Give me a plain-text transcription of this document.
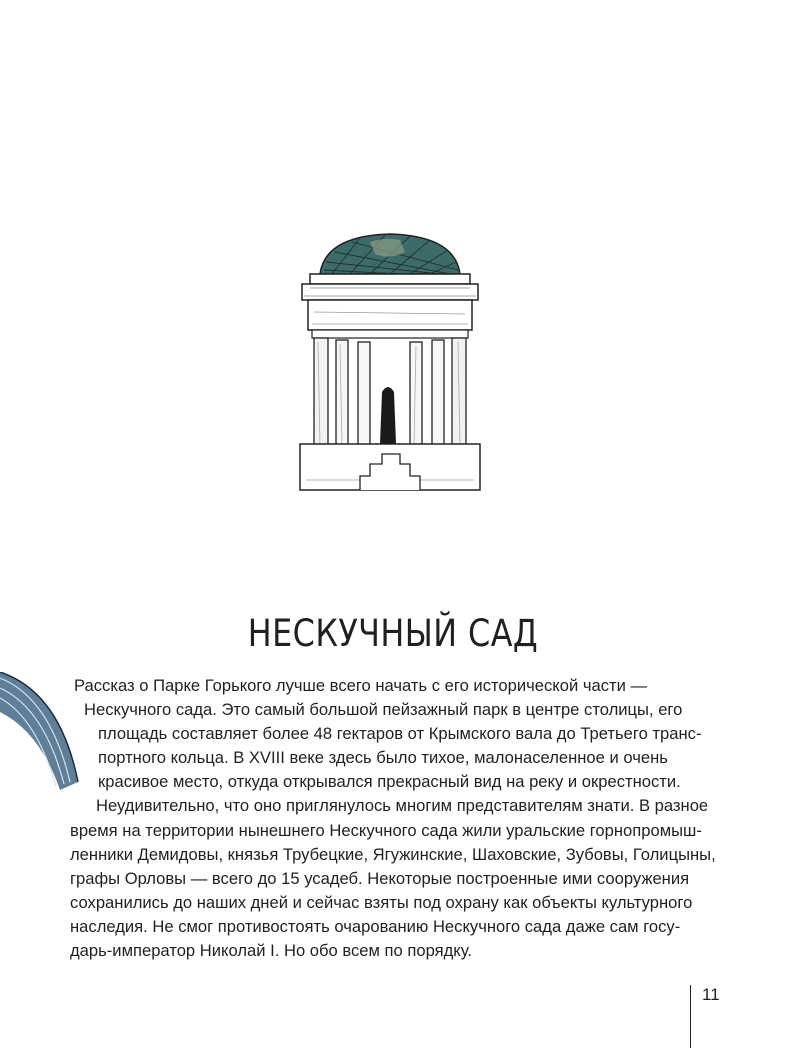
НЕСКУЧНЫЙ САД
Рассказ о Парке Горького лучше всего начать с его исторической части —
Нескучного сада. Это самый большой пейзажный парк в центре столицы, его
площадь составляет более 48 гектаров от Крымского вала до Третьего транс-
портного кольца. В XVIII веке здесь было тихое, малонаселенное и очень
красивое место, откуда открывался прекрасный вид на реку и окрестности.
Неудивительно, что оно приглянулось многим представителям знати. В разное
время на территории нынешнего Нескучного сада жили уральские горнопромыш-
ленники Демидовы, князья Трубецкие, Ягужинские, Шаховские, Зубовы, Голицыны,
графы Орловы — всего до 15 усадеб. Некоторые построенные ими сооружения
сохранились до наших дней и сейчас взяты под охрану как объекты культурного
наследия. Не смог противостоять очарованию Нескучного сада даже сам госу-
дарь-император Николай I. Но обо всем по порядку.
11
